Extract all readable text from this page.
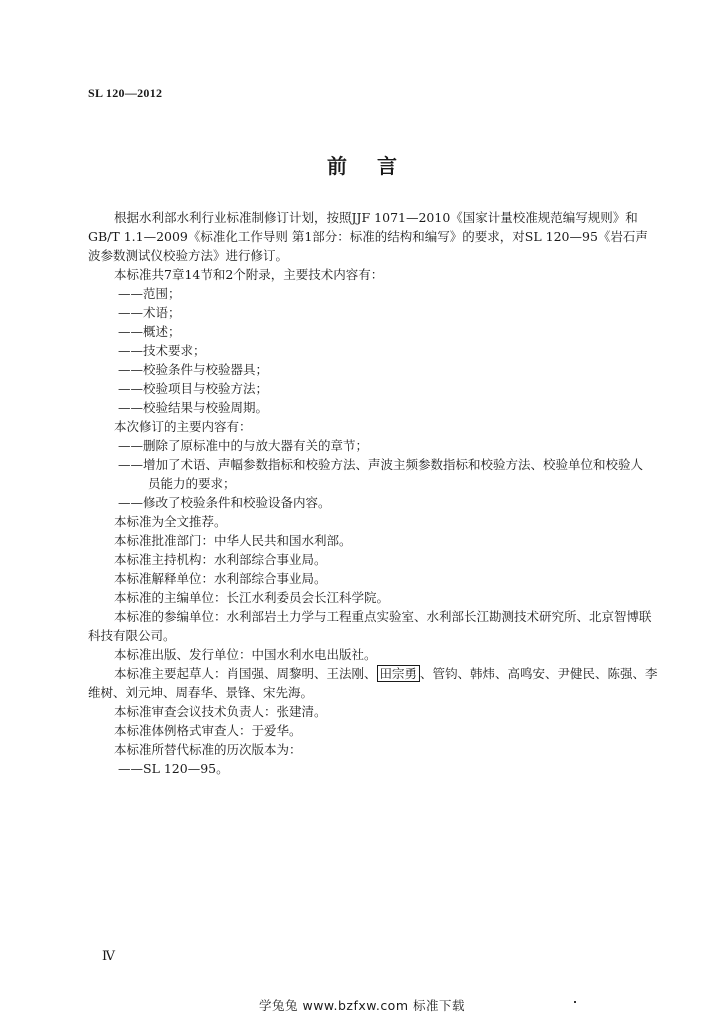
SL 120—2012
前言

根据水利部水利行业标准制修订计划，按照JJF 1071—2010《国家计量校准规范编写规则》和GB/T 1.1—2009《标准化工作导则 第1部分：标准的结构和编写》的要求，对SL 120—95《岩石声波参数测试仪校验方法》进行修订。

本标准共7章14节和2个附录，主要技术内容有：

——范围；

——术语；

——概述；

——技术要求；

——校验条件与校验器具；

——校验项目与校验方法；

——校验结果与校验周期。

本次修订的主要内容有：

——删除了原标准中的与放大器有关的章节；

——增加了术语、声幅参数指标和校验方法、声波主频参数指标和校验方法、校验单位和校验人

员能力的要求；

——修改了校验条件和校验设备内容。

本标准为全文推荐。

本标准批准部门：中华人民共和国水利部。

本标准主持机构：水利部综合事业局。

本标准解释单位：水利部综合事业局。

本标准的主编单位：长江水利委员会长江科学院。

本标准的参编单位：水利部岩土力学与工程重点实验室、水利部长江勘测技术研究所、北京智博联科技有限公司。

本标准出版、发行单位：中国水利水电出版社。

本标准主要起草人：肖国强、周黎明、王法刚、 田宗勇 、管钧、韩炜、高鸣安、尹健民、陈强、李维树、刘元坤、周春华、景锋、宋先海。

本标准审查会议技术负责人：张建清。

本标准体例格式审查人：于爱华。

本标准所替代标准的历次版本为：

——SL 120—95。

Ⅳ
学兔兔 www.bzfxw.com 标准下载
